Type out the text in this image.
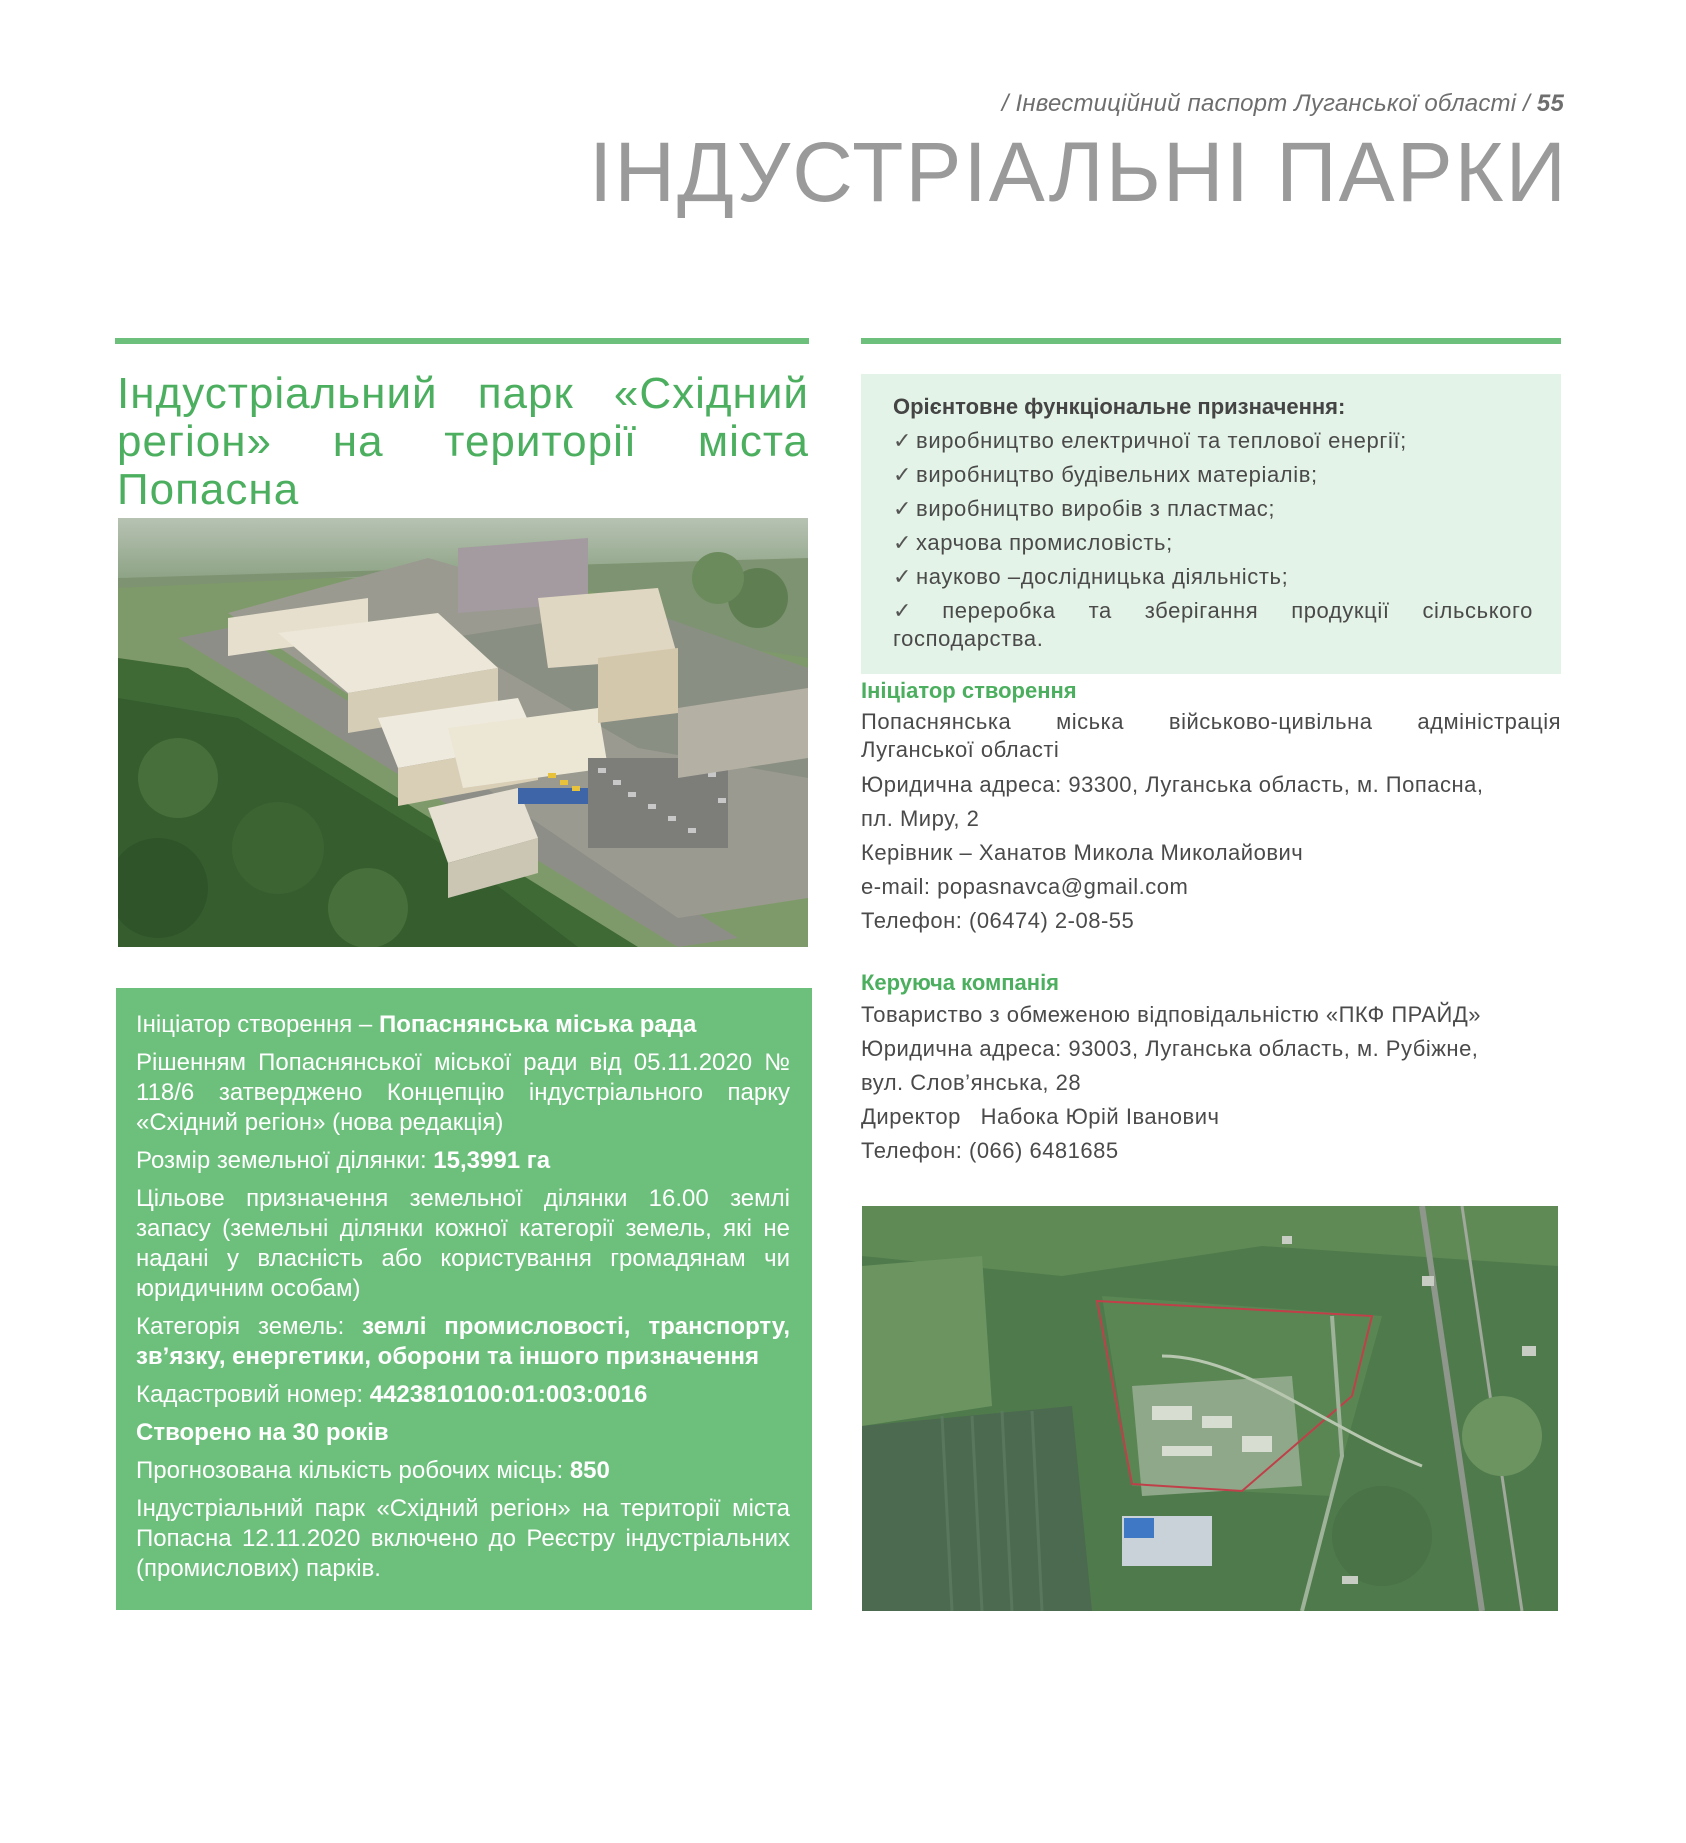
/ Інвестиційний паспорт Луганської області / 55
ІНДУСТРІАЛЬНІ ПАРКИ
Індустріальний парк «Східний регіон» на території міста Попасна

Ініціатор створення – Попаснянська міська рада

Рішенням Попаснянської міської ради від 05.11.2020 № 118/6 затверджено Концепцію індустріального парку «Східний регіон» (нова редакція)

Розмір земельної ділянки: 15,3991 га

Цільове призначення земельної ділянки 16.00 землі запасу (земельні ділянки кожної категорії земель, які не надані у власність або користування громадянам чи юридичним особам)

Категорія земель: землі промисловості, транспорту, зв’язку, енергетики, оборони та іншого призначення

Кадастровий номер: 4423810100:01:003:0016

Створено на 30 років

Прогнозована кількість робочих місць: 850

Індустріальний парк «Східний регіон» на території міста Попасна 12.11.2020 включено до Реєстру індустріальних (промислових) парків.

Орієнтовне функціональне призначення:
✓ виробництво електричної та теплової енергії;
✓ виробництво будівельних матеріалів;
✓ виробництво виробів з пластмас;
✓ харчова промисловість;
✓ науково –дослідницька діяльність;
✓ переробка та зберігання продукції сільського господарства.
Ініціатор створення
Попаснянська міська військово-цивільна адміністрація Луганської області
Юридична адреса: 93300, Луганська область, м. Попасна,
пл. Миру, 2
Керівник – Ханатов Микола Миколайович
e-mail: popasnavca@gmail.com
Телефон: (06474) 2-08-55
Керуюча компанія
Товариство з обмеженою відповідальністю «ПКФ ПРАЙД»
Юридична адреса: 93003, Луганська область, м. Рубіжне,
вул. Слов’янська, 28
Директор   Набока Юрій Іванович
Телефон: (066) 6481685
